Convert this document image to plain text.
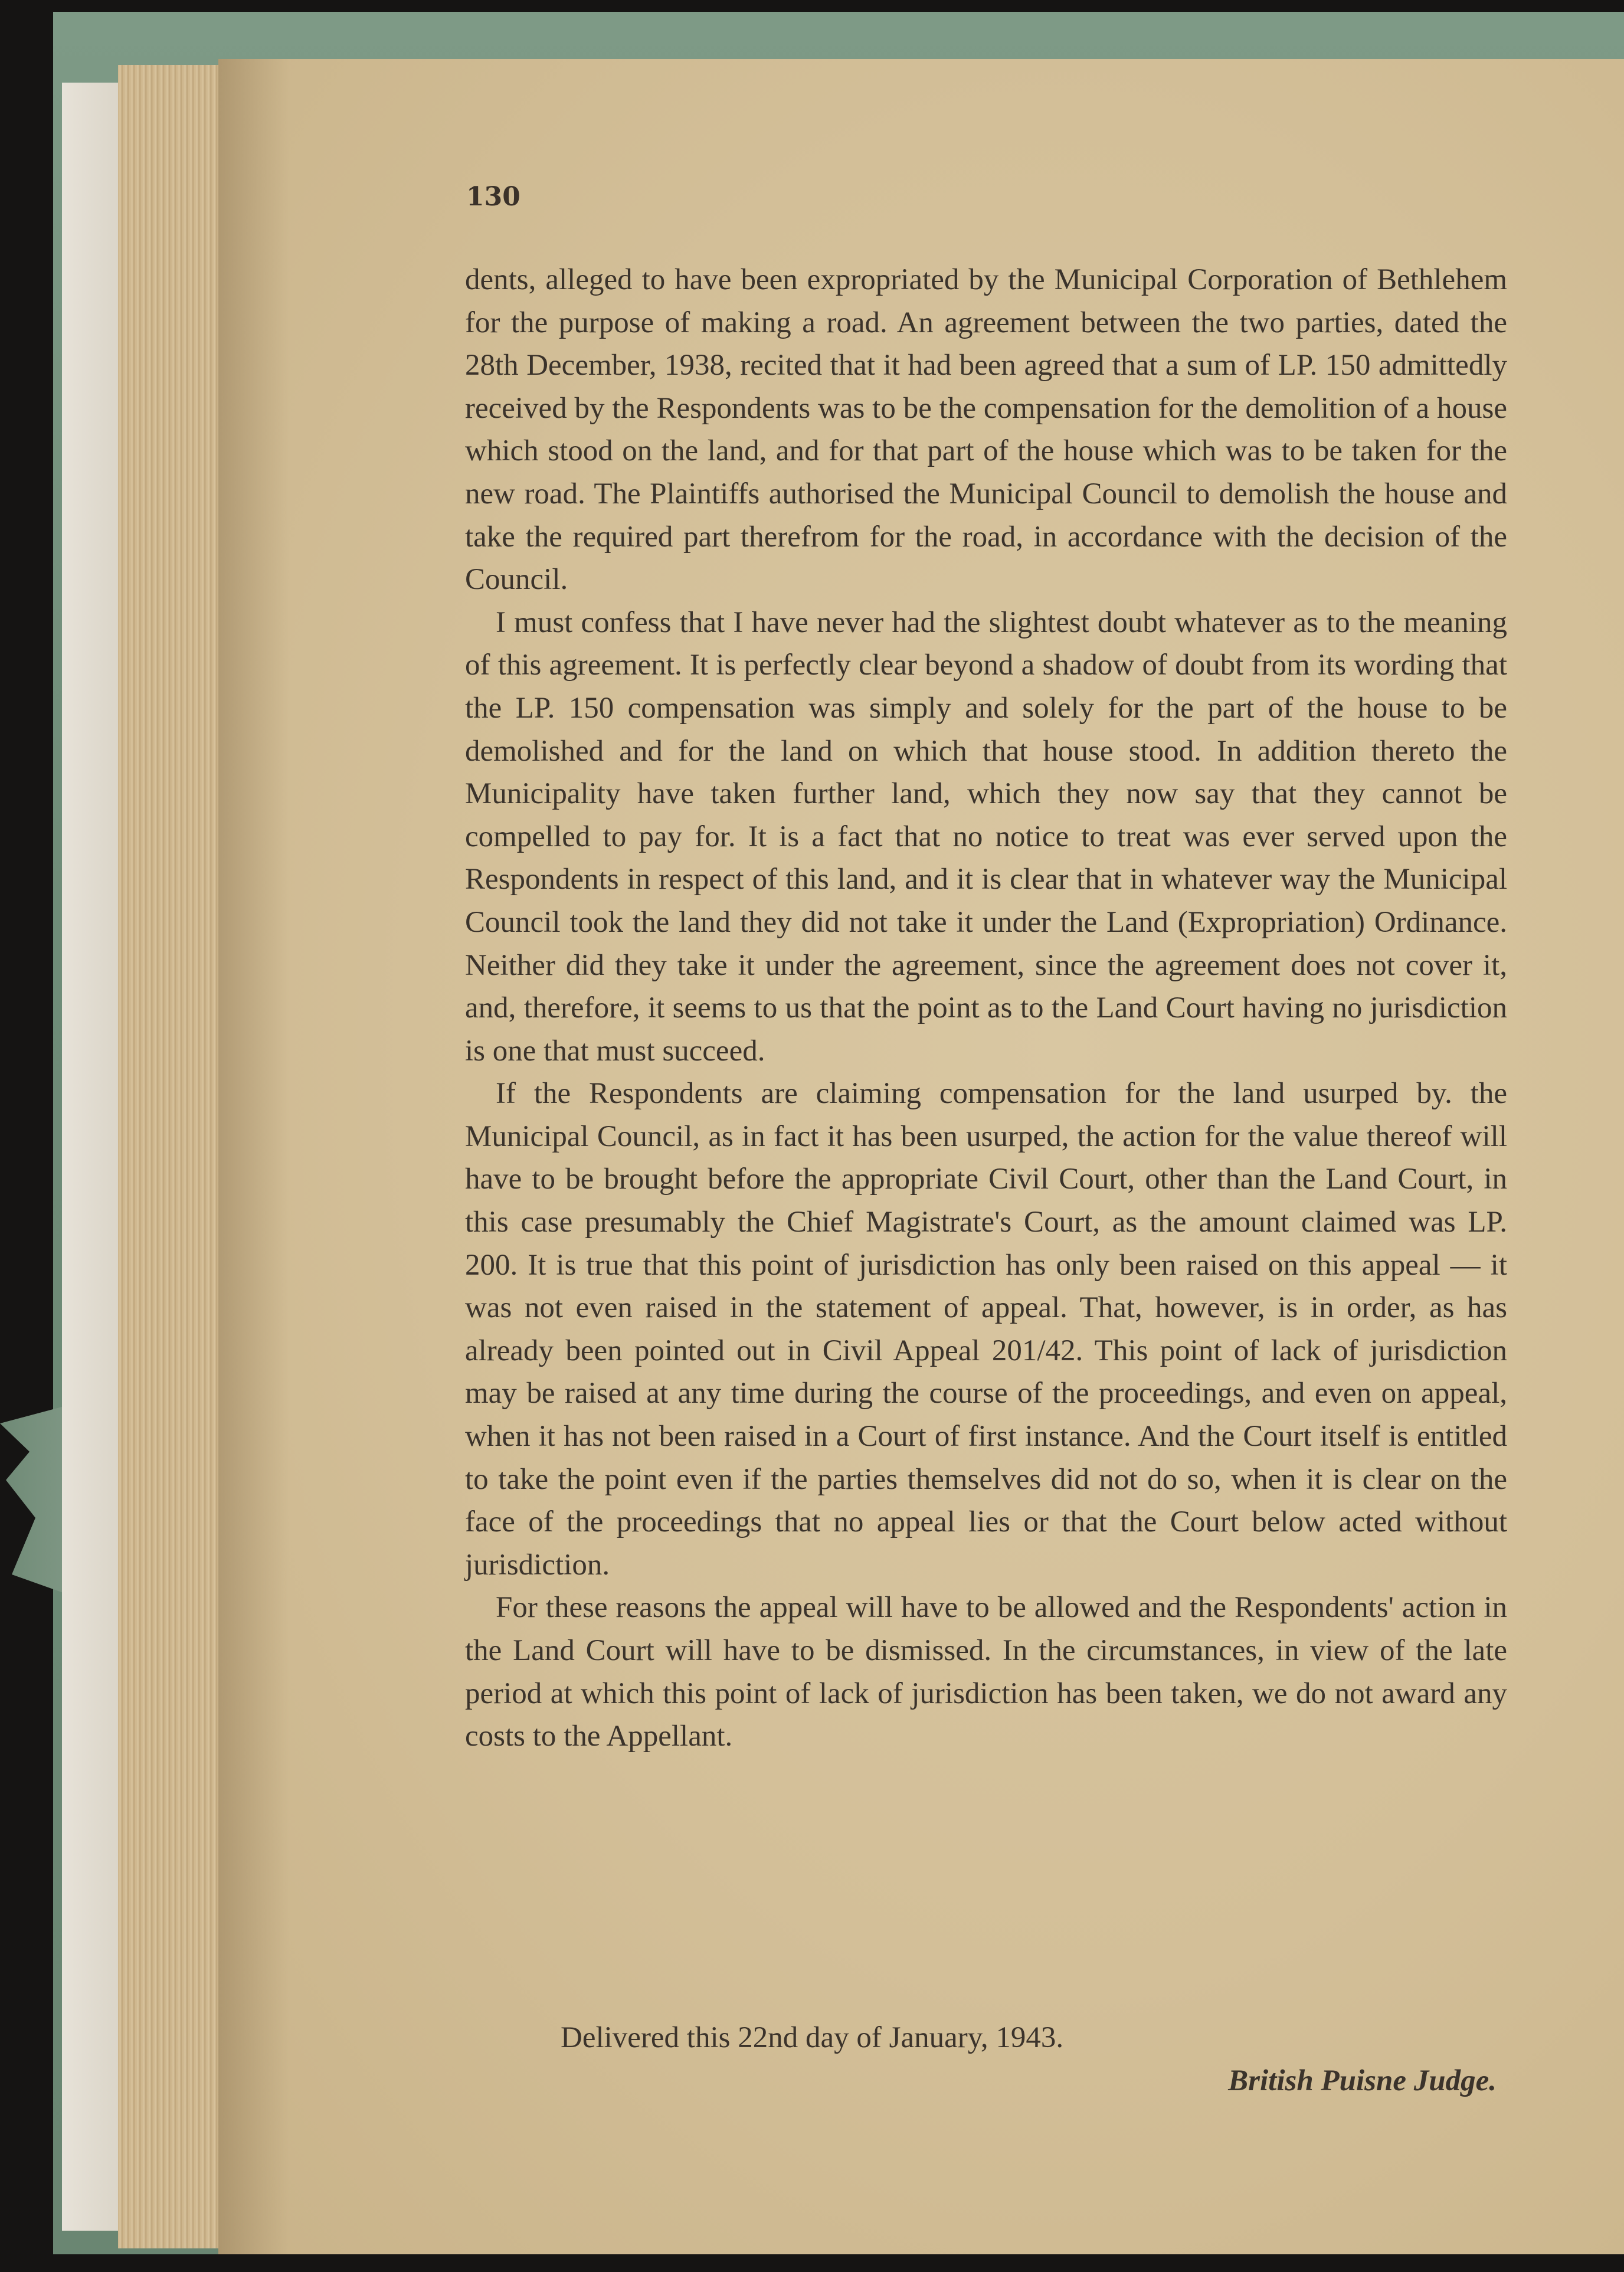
130

dents, alleged to have been expropriated by the Municipal Corporation of Bethlehem for the purpose of making a road. An agreement between the two parties, dated the 28th December, 1938, recited that it had been agreed that a sum of LP. 150 admittedly received by the Respondents was to be the compensation for the demolition of a house which stood on the land, and for that part of the house which was to be taken for the new road. The Plaintiffs authorised the Municipal Council to demolish the house and take the required part therefrom for the road, in accordance with the decision of the Council.

I must confess that I have never had the slightest doubt whatever as to the meaning of this agreement. It is perfectly clear beyond a shadow of doubt from its wording that the LP. 150 compensation was simply and solely for the part of the house to be demolished and for the land on which that house stood. In addition thereto the Municipality have taken further land, which they now say that they cannot be compelled to pay for. It is a fact that no notice to treat was ever served upon the Respondents in respect of this land, and it is clear that in whatever way the Municipal Council took the land they did not take it under the Land (Expropriation) Ordinance. Neither did they take it under the agreement, since the agreement does not cover it, and, therefore, it seems to us that the point as to the Land Court having no jurisdiction is one that must succeed.

If the Respondents are claiming compensation for the land usurped by. the Municipal Council, as in fact it has been usurped, the action for the value thereof will have to be brought before the appropriate Civil Court, other than the Land Court, in this case presumably the Chief Magistrate's Court, as the amount claimed was LP. 200. It is true that this point of jurisdiction has only been raised on this appeal — it was not even raised in the statement of appeal. That, however, is in order, as has already been pointed out in Civil Appeal 201/42. This point of lack of jurisdiction may be raised at any time during the course of the proceedings, and even on appeal, when it has not been raised in a Court of first instance. And the Court itself is entitled to take the point even if the parties themselves did not do so, when it is clear on the face of the proceedings that no appeal lies or that the Court below acted without jurisdiction.

For these reasons the appeal will have to be allowed and the Respondents' action in the Land Court will have to be dismissed. In the circumstances, in view of the late period at which this point of lack of jurisdiction has been taken, we do not award any costs to the Appellant.

Delivered this 22nd day of January, 1943.

British Puisne Judge.
